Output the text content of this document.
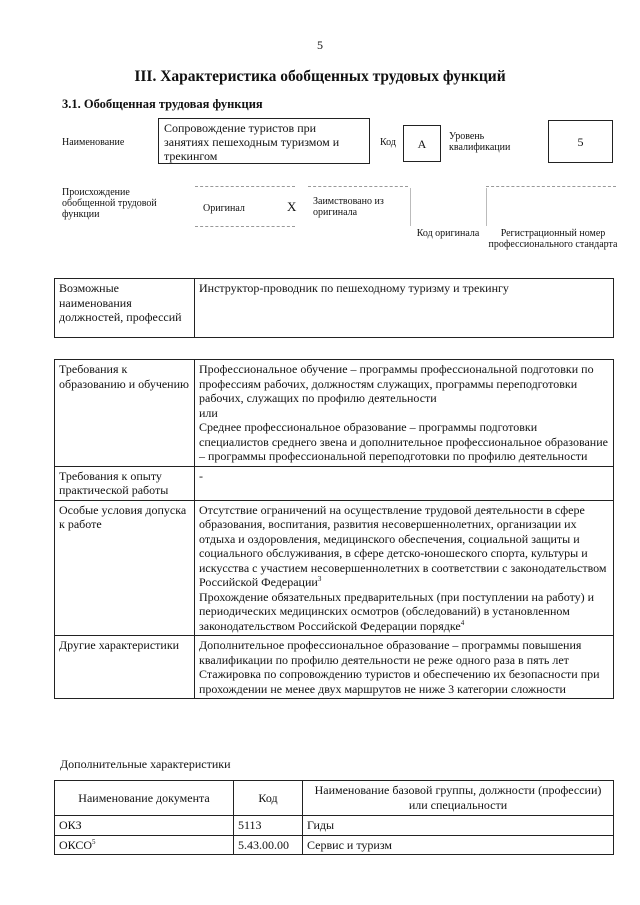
5
III. Характеристика обобщенных трудовых функций
3.1. Обобщенная трудовая функция
Наименование
Сопровождение туристов при занятиях пешеходным туризмом и трекингом
Код	А
Уровень квалификации	5
Происхождение обобщенной трудовой функции
Оригинал	X Заимствовано из оригинала
Код оригинала	Регистрационный номер профессионального стандарта
Возможные наименования должностей, профессий	Инструктор-проводник по пешеходному туризму и трекингу
Требования к образованию и обучению	Профессиональное обучение – программы профессиональной подготовки по профессиям рабочих, должностям служащих, программы переподготовки рабочих, служащих по профилю деятельности
или
Среднее профессиональное образование – программы подготовки специалистов среднего звена и дополнительное профессиональное образование – программы профессиональной переподготовки по профилю деятельности

Требования к опыту практической работы	-
Особые условия допуска к работе	Отсутствие ограничений на осуществление трудовой деятельности в сфере образования, воспитания, развития несовершеннолетних, организации их отдыха и оздоровления, медицинского обеспечения, социальной защиты и социального обслуживания, в сфере детско-юношеского спорта, культуры и искусства с участием несовершеннолетних в соответствии с законодательством Российской Федерации$^3$
Прохождение обязательных предварительных (при поступлении на работу) и периодических медицинских осмотров (обследований) в установленном законодательством Российской Федерации порядке$^4$

Другие характеристики	Дополнительное профессиональное образование – программы повышения квалификации по профилю деятельности не реже одного раза в пять лет
Стажировка по сопровождению туристов и обеспечению их безопасности при прохождении не менее двух маршрутов не ниже 3 категории сложности
Дополнительные характеристики
Наименование документа	Код	Наименование базовой группы, должности (профессии) или специальности
ОКЗ	5113	Гиды
ОКСО$^5$	5.43.00.00	Сервис и туризм
